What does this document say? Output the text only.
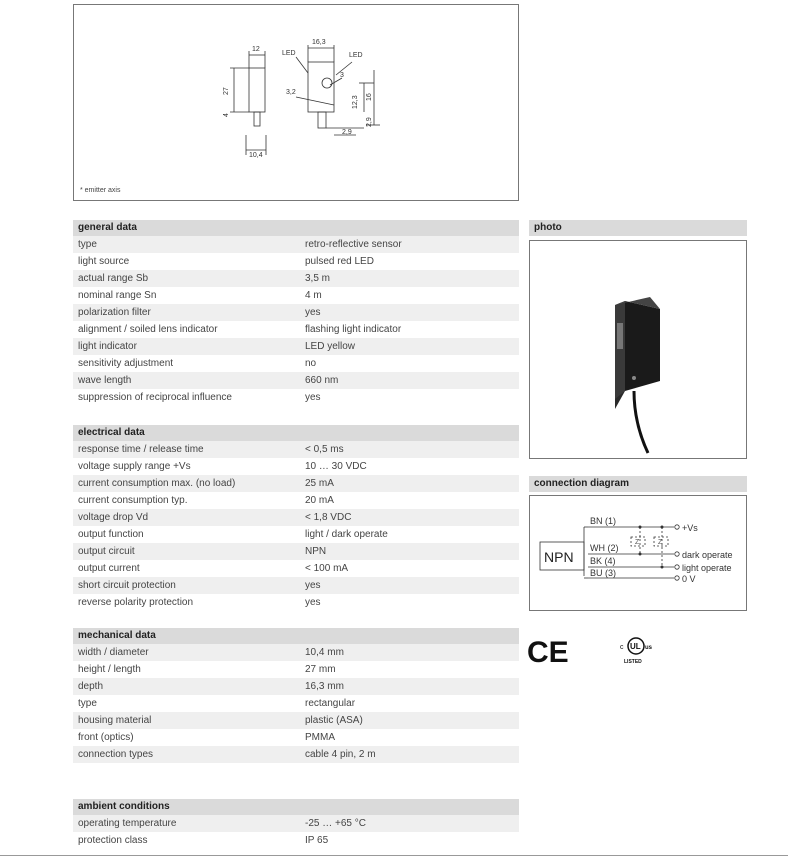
12
27
4
10,4
16,3
LED	LED
3
3,2
12,3 16
2,9
2,9
* emitter axis
general data
type	retro-reflective sensor
light source	pulsed red LED
actual range Sb	3,5 m
nominal range Sn	4 m
polarization filter	yes
alignment / soiled lens indicator	flashing light indicator
light indicator	LED yellow
sensitivity adjustment	no
wave length	660 nm
suppression of reciprocal influence	yes
electrical data
response time / release time	< 0,5 ms
voltage supply range +Vs	10 … 30 VDC
current consumption max. (no load)	25 mA
current consumption typ.	20 mA
voltage drop Vd	< 1,8 VDC
output function	light / dark operate
output circuit	NPN
output current	< 100 mA
short circuit protection	yes
reverse polarity protection	yes
mechanical data
width / diameter	10,4 mm
height / length	27 mm
depth	16,3 mm
type	rectangular
housing material	plastic (ASA)
front (optics)	PMMA
connection types	cable 4 pin, 2 m
ambient conditions
operating temperature	-25 … +65 °C
protection class	IP 65
photo
connection diagram
NPN
BN (1)
WH (2)
BK (4)
BU (3)
Z	Z
+Vs
dark operate
light operate
0 V
CE	c UL us
LISTED
